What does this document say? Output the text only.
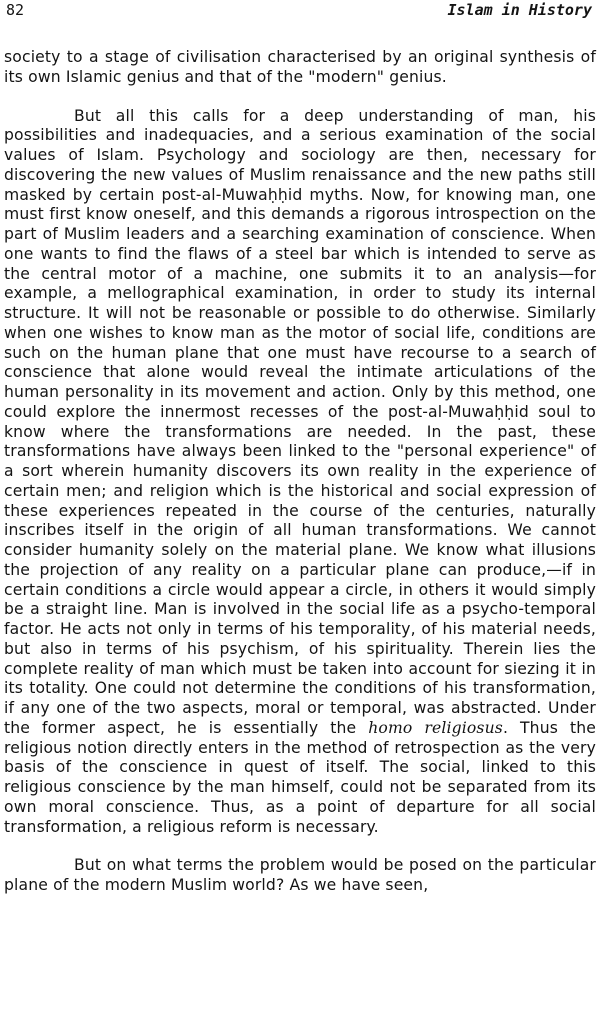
82	Islam in History

society to a stage of civilisation characterised by an original synthesis of its own Islamic genius and that of the "modern" genius.

But all this calls for a deep understanding of man, his possibilities and inadequacies, and a serious examination of the social values of Islam. Psychology and sociology are then, necessary for discovering the new values of Muslim renaissance and the new paths still masked by certain post-al-Muwaḥḥid myths. Now, for knowing man, one must first know oneself, and this demands a rigorous introspection on the part of Muslim leaders and a searching examination of conscience. When one wants to find the flaws of a steel bar which is intended to serve as the central motor of a machine, one submits it to an analysis—for example, a mellographical examination, in order to study its internal structure. It will not be reasonable or possible to do otherwise. Similarly when one wishes to know man as the motor of social life, conditions are such on the human plane that one must have recourse to a search of conscience that alone would reveal the intimate articulations of the human personality in its movement and action. Only by this method, one could explore the innermost recesses of the post-al-Muwaḥḥid soul to know where the transformations are needed. In the past, these transformations have always been linked to the "personal experience" of a sort wherein humanity discovers its own reality in the experience of certain men; and religion which is the historical and social expression of these experiences repeated in the course of the centuries, naturally inscribes itself in the origin of all human transformations. We cannot consider humanity solely on the material plane. We know what illusions the projection of any reality on a particular plane can produce,—if in certain conditions a circle would appear a circle, in others it would simply be a straight line. Man is involved in the social life as a psycho-temporal factor. He acts not only in terms of his temporality, of his material needs, but also in terms of his psychism, of his spirituality. Therein lies the complete reality of man which must be taken into account for siezing it in its totality. One could not determine the conditions of his transformation, if any one of the two aspects, moral or temporal, was abstracted. Under the former aspect, he is essentially the homo religiosus. Thus the religious notion directly enters in the method of retrospection as the very basis of the conscience in quest of itself. The social, linked to this religious conscience by the man himself, could not be separated from its own moral conscience. Thus, as a point of departure for all social transformation, a religious reform is necessary.

But on what terms the problem would be posed on the particular plane of the modern Muslim world? As we have seen,
